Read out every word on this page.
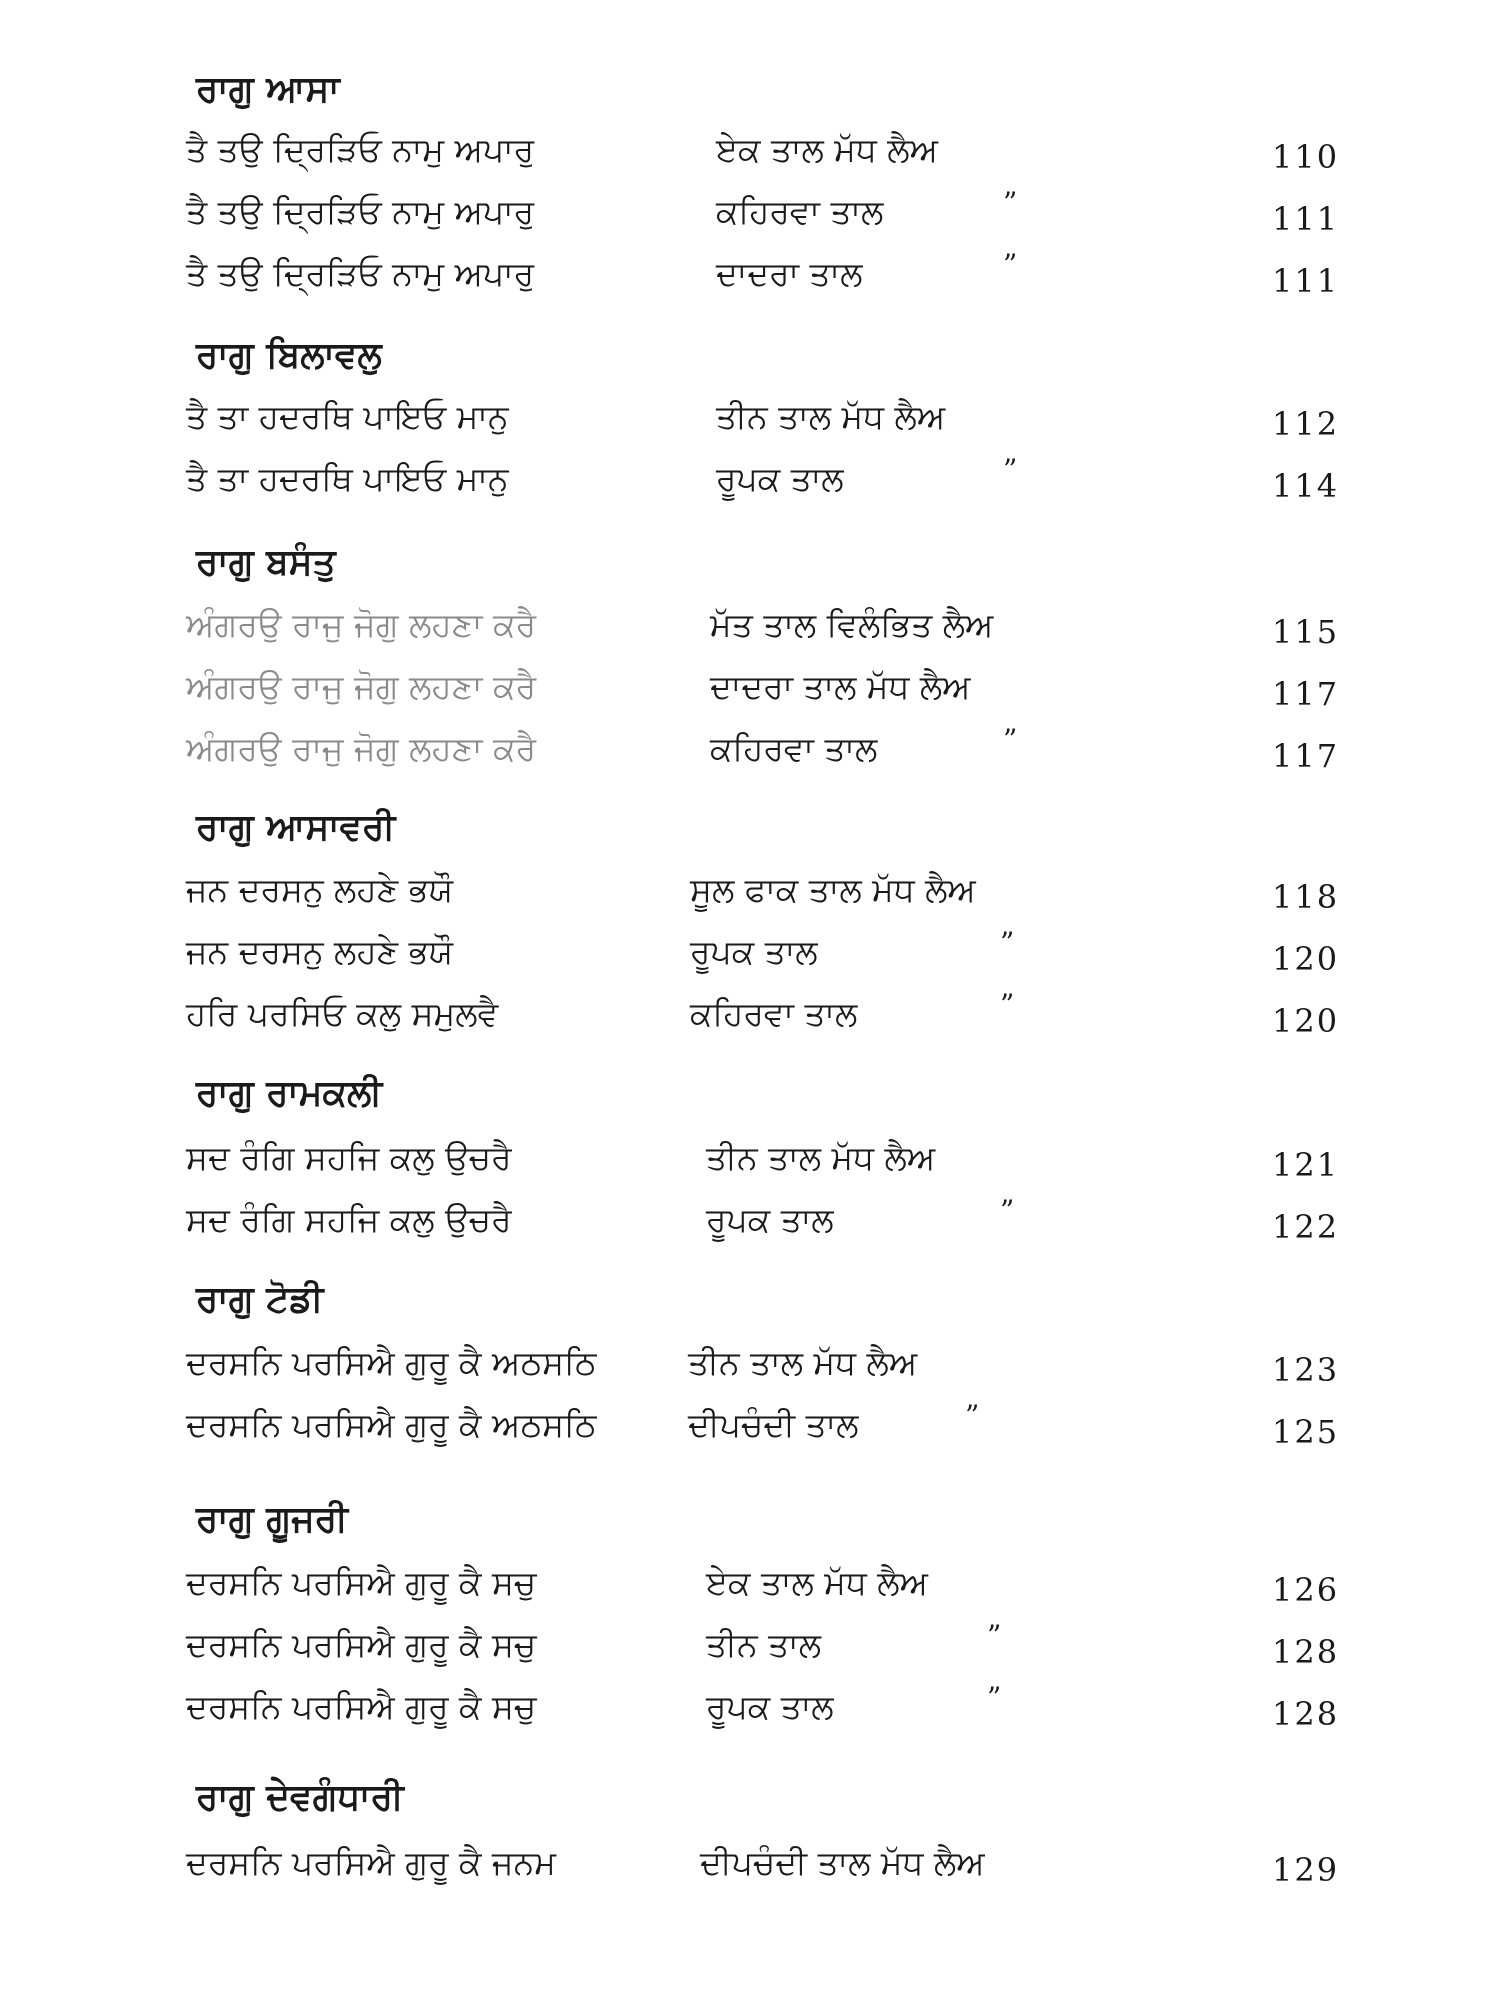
ਰਾਗੁ ਆਸਾ
ਤੈ ਤਉ ਦ੍ਰਿੜਿਓ ਨਾਮੁ ਅਪਾਰੁ	ਏਕ ਤਾਲ ਮੱਧ ਲੈਅ	110
ਤੈ ਤਉ ਦ੍ਰਿੜਿਓ ਨਾਮੁ ਅਪਾਰੁ	ਕਹਿਰਵਾ ਤਾਲ	”	111
ਤੈ ਤਉ ਦ੍ਰਿੜਿਓ ਨਾਮੁ ਅਪਾਰੁ	ਦਾਦਰਾ ਤਾਲ	”	111
ਰਾਗੁ ਬਿਲਾਵਲੁ
ਤੈ ਤਾ ਹਦਰਥਿ ਪਾਇਓ ਮਾਨੁ	ਤੀਨ ਤਾਲ ਮੱਧ ਲੈਅ	112
ਤੈ ਤਾ ਹਦਰਥਿ ਪਾਇਓ ਮਾਨੁ	ਰੂਪਕ ਤਾਲ	”	114
ਰਾਗੁ ਬਸੰਤੁ
ਅੰਗਰਉ ਰਾਜੁ ਜੋਗੁ ਲਹਣਾ ਕਰੈ	ਮੱਤ ਤਾਲ ਵਿਲੰਭਿਤ ਲੈਅ	115
ਅੰਗਰਉ ਰਾਜੁ ਜੋਗੁ ਲਹਣਾ ਕਰੈ	ਦਾਦਰਾ ਤਾਲ ਮੱਧ ਲੈਅ	117
ਅੰਗਰਉ ਰਾਜੁ ਜੋਗੁ ਲਹਣਾ ਕਰੈ	ਕਹਿਰਵਾ ਤਾਲ	”	117
ਰਾਗੁ ਆਸਾਵਰੀ
ਜਨ ਦਰਸਨੁ ਲਹਣੇ ਭਯੌ	ਸੂਲ ਫਾਕ ਤਾਲ ਮੱਧ ਲੈਅ	118
ਜਨ ਦਰਸਨੁ ਲਹਣੇ ਭਯੌ	ਰੂਪਕ ਤਾਲ	”	120
ਹਰਿ ਪਰਸਿਓ ਕਲੁ ਸਮੁਲਵੈ	ਕਹਿਰਵਾ ਤਾਲ	”	120
ਰਾਗੁ ਰਾਮਕਲੀ
ਸਦ ਰੰਗਿ ਸਹਜਿ ਕਲੁ ਉਚਰੈ	ਤੀਨ ਤਾਲ ਮੱਧ ਲੈਅ	121
ਸਦ ਰੰਗਿ ਸਹਜਿ ਕਲੁ ਉਚਰੈ	ਰੂਪਕ ਤਾਲ	”	122
ਰਾਗੁ ਟੋਡੀ
ਦਰਸਨਿ ਪਰਸਿਐ ਗੁਰੂ ਕੈ ਅਠਸਠਿ	ਤੀਨ ਤਾਲ ਮੱਧ ਲੈਅ	123
ਦਰਸਨਿ ਪਰਸਿਐ ਗੁਰੂ ਕੈ ਅਠਸਠਿ	ਦੀਪਚੰਦੀ ਤਾਲ	”	125
ਰਾਗੁ ਗੂਜਰੀ
ਦਰਸਨਿ ਪਰਸਿਐ ਗੁਰੂ ਕੈ ਸਚੁ	ਏਕ ਤਾਲ ਮੱਧ ਲੈਅ	126
ਦਰਸਨਿ ਪਰਸਿਐ ਗੁਰੂ ਕੈ ਸਚੁ	ਤੀਨ ਤਾਲ	”	128
ਦਰਸਨਿ ਪਰਸਿਐ ਗੁਰੂ ਕੈ ਸਚੁ	ਰੂਪਕ ਤਾਲ	”	128
ਰਾਗੁ ਦੇਵਗੰਧਾਰੀ
ਦਰਸਨਿ ਪਰਸਿਐ ਗੁਰੂ ਕੈ ਜਨਮ	ਦੀਪਚੰਦੀ ਤਾਲ ਮੱਧ ਲੈਅ	129
